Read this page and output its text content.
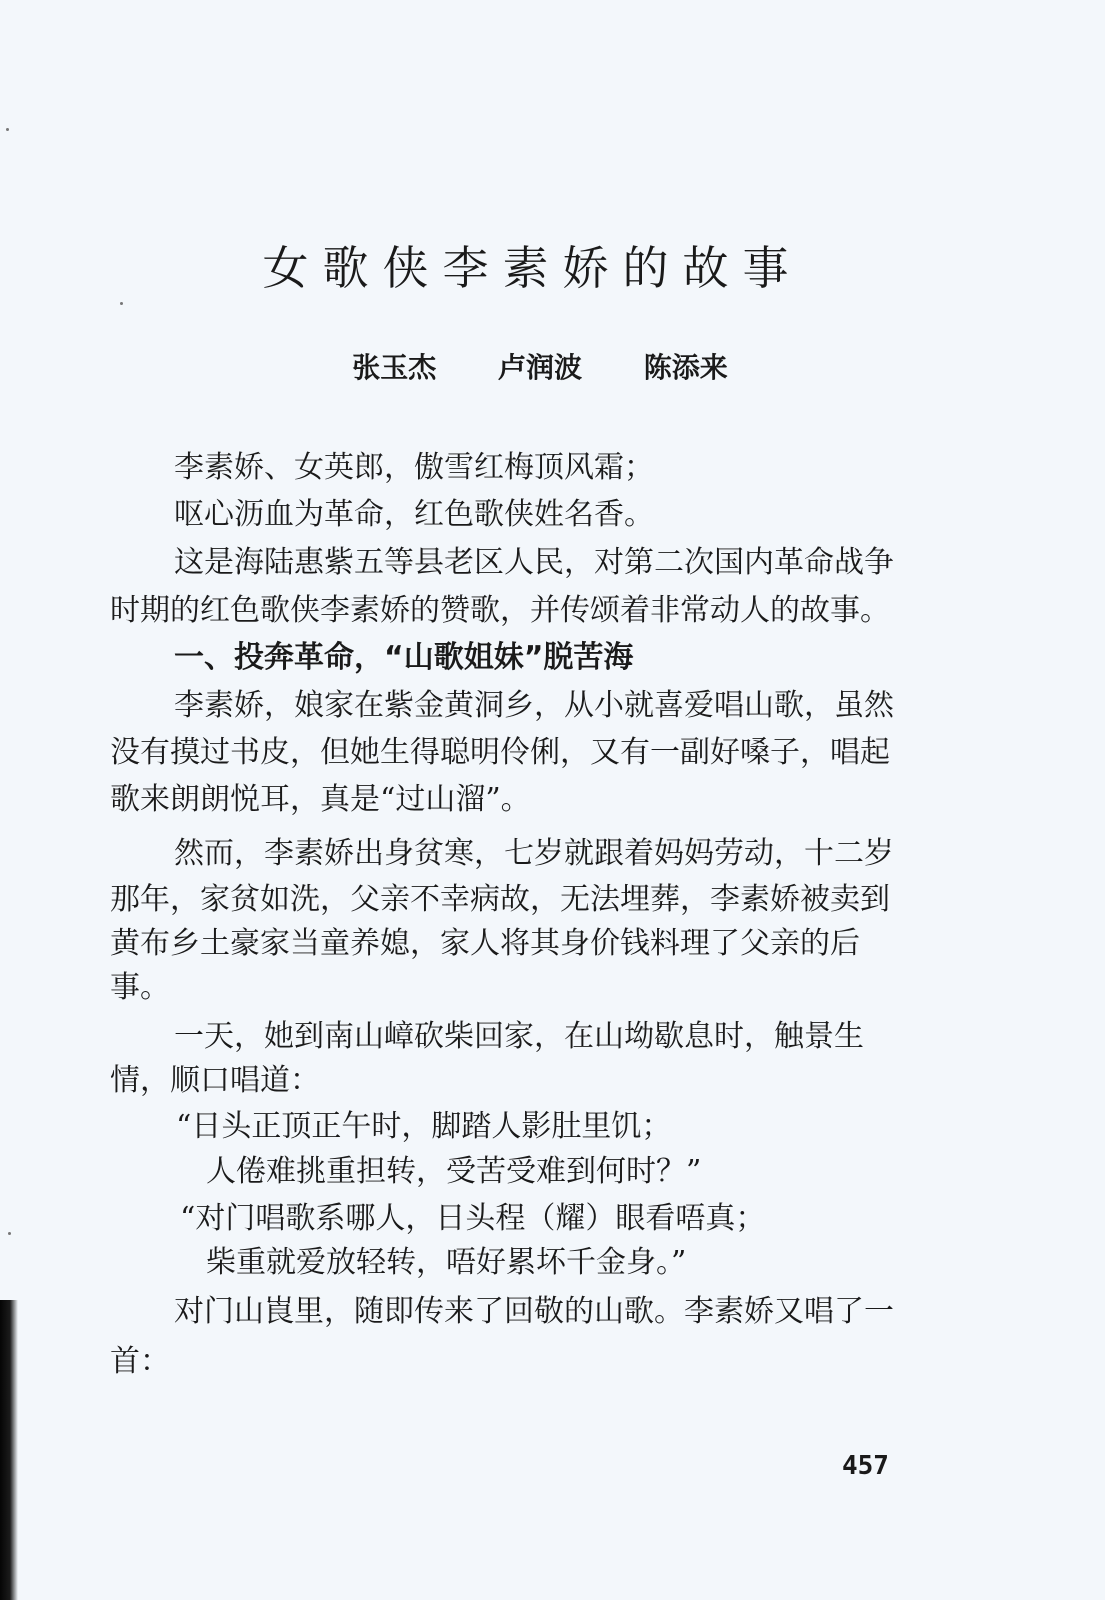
女歌侠李素娇的故事
张玉杰 卢润波 陈添来
李素娇、女英郎，傲雪红梅顶风霜；
呕心沥血为革命，红色歌侠姓名香。
这是海陆惠紫五等县老区人民，对第二次国内革命战争
时期的红色歌侠李素娇的赞歌，并传颂着非常动人的故事。
一、投奔革命，“山歌姐妹”脱苦海
李素娇，娘家在紫金黄洞乡，从小就喜爱唱山歌，虽然
没有摸过书皮，但她生得聪明伶俐，又有一副好嗓子，唱起
歌来朗朗悦耳，真是“过山溜”。
然而，李素娇出身贫寒，七岁就跟着妈妈劳动，十二岁
那年，家贫如洗，父亲不幸病故，无法埋葬，李素娇被卖到
黄布乡土豪家当童养媳，家人将其身价钱料理了父亲的后
事。
一天，她到南山嶂砍柴回家，在山坳歇息时，触景生
情，顺口唱道：
“日头正顶正午时，脚踏人影肚里饥；
人倦难挑重担转，受苦受难到何时？”
“对门唱歌系哪人，日头程（耀）眼看唔真；
柴重就爱放轻转，唔好累坏千金身。”
对门山崀里，随即传来了回敬的山歌。李素娇又唱了一
首：
457
